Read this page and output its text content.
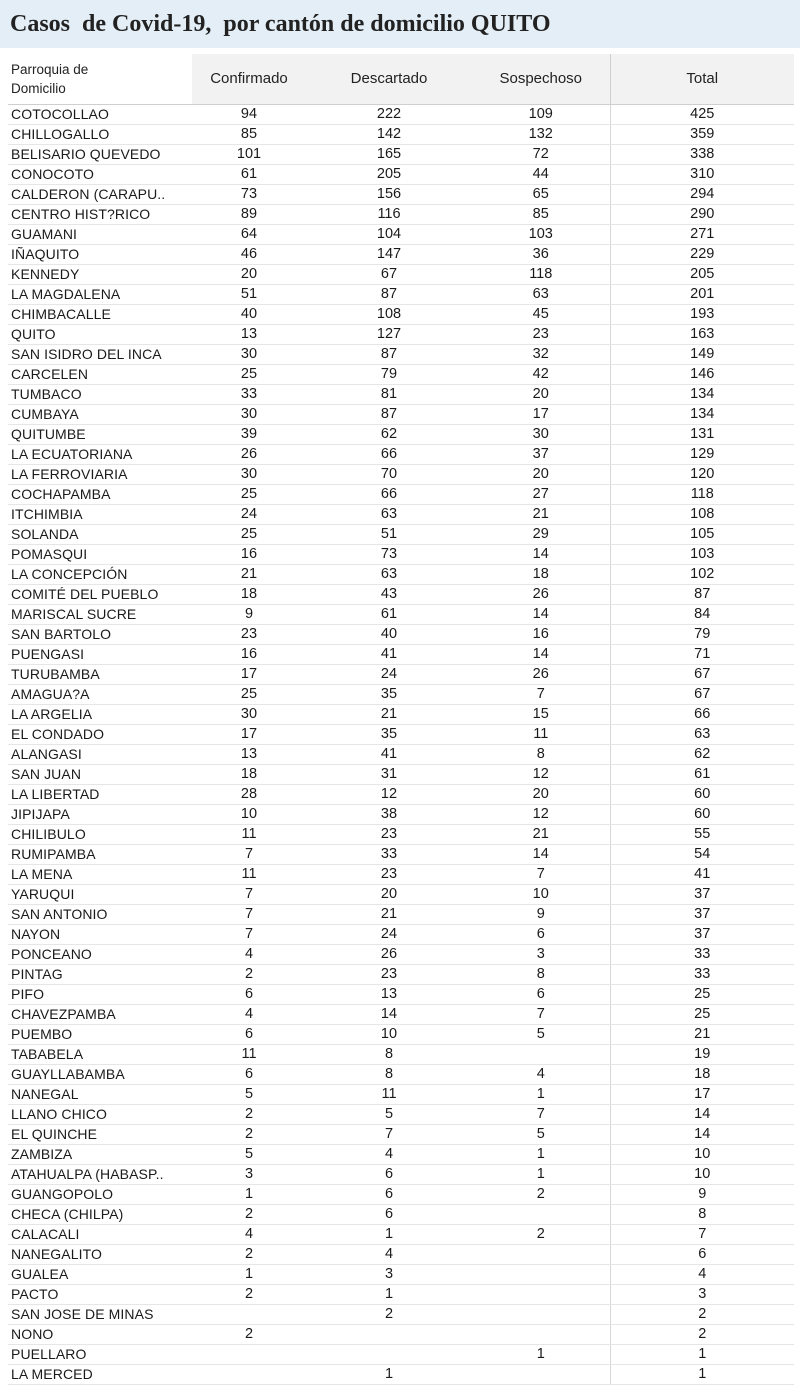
Casos  de Covid-19,  por cantón de domicilio QUITO
Parroquia de
Domicilio	Confirmado	Descartado	Sospechoso	Total
COTOCOLLAO	94	222	109	425
CHILLOGALLO	85	142	132	359
BELISARIO QUEVEDO	101	165	72	338
CONOCOTO	61	205	44	310
CALDERON (CARAPU..	73	156	65	294
CENTRO HIST?RICO	89	116	85	290
GUAMANI	64	104	103	271
IÑAQUITO	46	147	36	229
KENNEDY	20	67	118	205
LA MAGDALENA	51	87	63	201
CHIMBACALLE	40	108	45	193
QUITO	13	127	23	163
SAN ISIDRO DEL INCA	30	87	32	149
CARCELEN	25	79	42	146
TUMBACO	33	81	20	134
CUMBAYA	30	87	17	134
QUITUMBE	39	62	30	131
LA ECUATORIANA	26	66	37	129
LA FERROVIARIA	30	70	20	120
COCHAPAMBA	25	66	27	118
ITCHIMBIA	24	63	21	108
SOLANDA	25	51	29	105
POMASQUI	16	73	14	103
LA CONCEPCIÓN	21	63	18	102
COMITÉ DEL PUEBLO	18	43	26	87
MARISCAL SUCRE	9	61	14	84
SAN BARTOLO	23	40	16	79
PUENGASI	16	41	14	71
TURUBAMBA	17	24	26	67
AMAGUA?A	25	35	7	67
LA ARGELIA	30	21	15	66
EL CONDADO	17	35	11	63
ALANGASI	13	41	8	62
SAN JUAN	18	31	12	61
LA LIBERTAD	28	12	20	60
JIPIJAPA	10	38	12	60
CHILIBULO	11	23	21	55
RUMIPAMBA	7	33	14	54
LA MENA	11	23	7	41
YARUQUI	7	20	10	37
SAN ANTONIO	7	21	9	37
NAYON	7	24	6	37
PONCEANO	4	26	3	33
PINTAG	2	23	8	33
PIFO	6	13	6	25
CHAVEZPAMBA	4	14	7	25
PUEMBO	6	10	5	21
TABABELA	11	8		19
GUAYLLABAMBA	6	8	4	18
NANEGAL	5	11	1	17
LLANO CHICO	2	5	7	14
EL QUINCHE	2	7	5	14
ZAMBIZA	5	4	1	10
ATAHUALPA (HABASP..	3	6	1	10
GUANGOPOLO	1	6	2	9
CHECA (CHILPA)	2	6		8
CALACALI	4	1	2	7
NANEGALITO	2	4		6
GUALEA	1	3		4
PACTO	2	1		3
SAN JOSE DE MINAS		2		2
NONO	2			2
PUELLARO			1	1
LA MERCED		1		1
